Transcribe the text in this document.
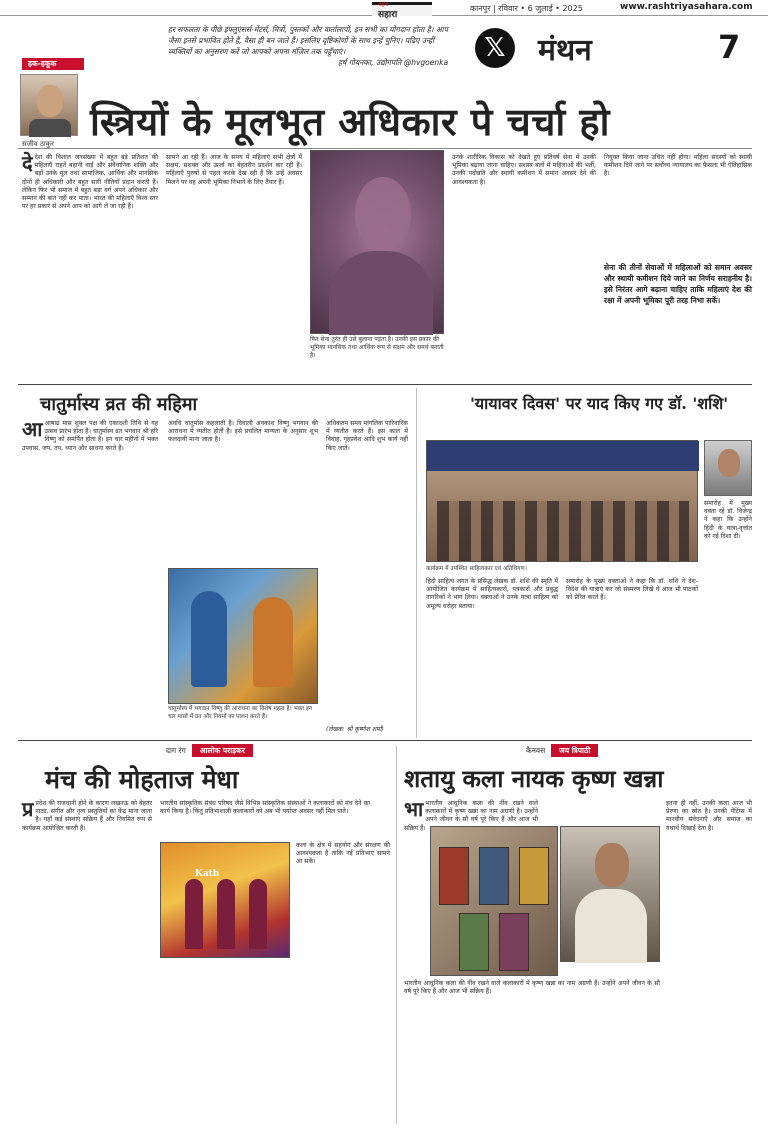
राष्ट्रीय
सहारा
कानपुर | रविवार • 6 जुलाई • 2025	www.rashtriyasahara.com
हर सफलता के पीछे इंफ्लुएंसर्स-मेंटर्स, मित्रों, पुस्तकों और वार्तालापों, इन सभी का योगदान होता है। आप जैसा इनसे प्रभावित होते हैं, वैसा ही बन जाते हैं। इसलिए दृष्टिकोणों के साथ इन्हें चुनिए। पढ़िए उन्हीं व्यक्तियों का अनुसरण करें जो आपको अपना मंज़िल तक पहुँचाएं।
हर्ष गोयनका, उद्योगपति @hvgoenka	𝕏	मंथन	7
हक-हकूक
संजीव ठाकुर स्त्रियों के मूलभूत अधिकार पे चर्चा हो
देदेश की विशाल जनसंख्या में बहुत बड़े प्रतिशत की महिलाएँ राहतें बहानी वाई और संवैधानिक शक्ति और बड़ों उनके मूल तथा सामाजिक, आर्थिक और मानसिक दोनों ही अधिकारी और बहुत सारी नीतियाँ प्रदान करती हैं। लेकिन फिर भी समाज में बहुत बड़ा वर्ग अपने अधिकार और सम्मान की बात नहीं कर पाता। भारत की महिलाएँ विश्व स्तर पर हर प्रकार से अपने आप को आगे ले जा रही हैं।
सामने आ रही हैं। आज के समय में महिलाएं सभी क्षेत्रों में सक्षम, सशक्त और ऊर्जा का बेहतरीन प्रदर्शन कर रही हैं। महिलाएँ पुरुषों से पहल करके देख रही हैं कि उन्हें अवसर मिलने पर वह अपनी भूमिका निभाने के लिए तैयार हैं।
फिर सेना तुरंत ही उसे बुलाना पड़ता है। उनकी इस प्रकार की भूमिका मानसिक तथा आर्थिक रूप से सक्षम और समर्थ बनाती है।
उनके शारीरिक विकास को देखते हुए प्रतिवर्ष सेना में उनकी भूमिका बढ़ाया जाना चाहिए। सशस्त्र बलों में महिलाओं की भर्ती, उनकी पदोन्नति और स्थायी कमीशन में समान अवसर देने की आवश्यकता है।
नियुक्त किया जाना उचित नहीं होगा। महिला सदस्यों को स्थायी कमीशन दिये जाने पर सर्वोच्च न्यायालय का फैसला भी ऐतिहासिक है।
सेना की तीनों सेवाओं में महिलाओं को समान अवसर और स्थायी कमीशन दिये जाने का निर्णय सराहनीय है। इसे निरंतर आगे बढ़ाना चाहिए ताकि महिलाएं देश की रक्षा में अपनी भूमिका पूरी तरह निभा सकें।
चातुर्मास्य व्रत की महिमा
आआषाढ़ मास शुक्ल पक्ष की एकादशी तिथि से यह उत्सव प्रारंभ होता है। चातुर्मास्य व्रत भगवान श्री हरि विष्णु को समर्पित होता है। इन चार महीनों में भक्त उपवास, जप, तप, ध्यान और साधना करते हैं।
अवधि चातुर्मास कहलाती है। दिवाली अवकाश विष्णु भगवान की आराधना में व्यतीत होती है। इसे प्रचलित मान्यता के अनुसार शुभ फलदायी माना जाता है।
अधिकतम समय मांगलिक पारिवारिक में व्यतीत करते हैं। इस काल में विवाह, गृहप्रवेश आदि शुभ कार्य नहीं किए जाते।
चातुर्मास्य में भगवान विष्णु की आराधना का विशेष महत्व है। भक्त इन चार मासों में व्रत और नियमों का पालन करते हैं।
(लेखक: श्री कृष्णेश शर्मा)
'यायावर दिवस' पर याद किए गए डॉ. 'शशि'
कार्यक्रम में उपस्थित साहित्यकार एवं अतिथिगण।
हिंदी साहित्य जगत के प्रसिद्ध लेखक डॉ. शशि की स्मृति में आयोजित कार्यक्रम में साहित्यकारों, पत्रकारों और प्रबुद्ध नागरिकों ने भाग लिया। वक्ताओं ने उनके यात्रा साहित्य को अमूल्य धरोहर बताया।
समारोह के मुख्य वक्ताओं ने कहा कि डॉ. शशि ने देश-विदेश की यात्राएं कर जो संस्मरण लिखे वे आज भी पाठकों को प्रेरित करते हैं।
समारोह में मुख्य वक्ता रहे डॉ. विजेन्द्र ने कहा कि उन्होंने हिंदी के यात्रा-वृत्तांत को नई दिशा दी।
दाग रंग आलोक पराड़कर
मंच की मोहताज मेधा
प्र प्रदेश की राजधानी होने के कारण लखनऊ को बेहतर नाट्य, संगीत और नृत्य प्रस्तुतियों का केंद्र माना जाता है। यहाँ कई संस्थाएं सक्रिय हैं और नियमित रूप से कार्यक्रम आयोजित करती हैं।
भारतीय सांस्कृतिक संबंध परिषद जैसे विभिन्न सांस्कृतिक संस्थाओं ने कलाकारों को मंच देने का कार्य किया है। किंतु प्रतिभाशाली कलाकारों को अब भी पर्याप्त अवसर नहीं मिल पाते।
Kath
कला के क्षेत्र में सहयोग और संरक्षण की आवश्यकता है ताकि नई प्रतिभाएं सामने आ सकें।
कैनवस जय त्रिपाठी
शतायु कला नायक कृष्ण खन्ना
भाभारतीय आधुनिक कला की नींव रखने वाले कलाकारों में कृष्ण खन्ना का नाम अग्रणी है। उन्होंने अपने जीवन के सौ वर्ष पूरे किए हैं और आज भी सक्रिय हैं।
इतना ही नहीं, उनकी कला आज भी प्रेरणा का स्रोत है। उनकी पेंटिंग्स में मानवीय संवेदनाएँ और समाज का यथार्थ दिखाई देता है।
भारतीय आधुनिक कला की नींव रखने वाले कलाकारों में कृष्ण खन्ना का नाम अग्रणी है। उन्होंने अपने जीवन के सौ वर्ष पूरे किए हैं और आज भी सक्रिय हैं।
